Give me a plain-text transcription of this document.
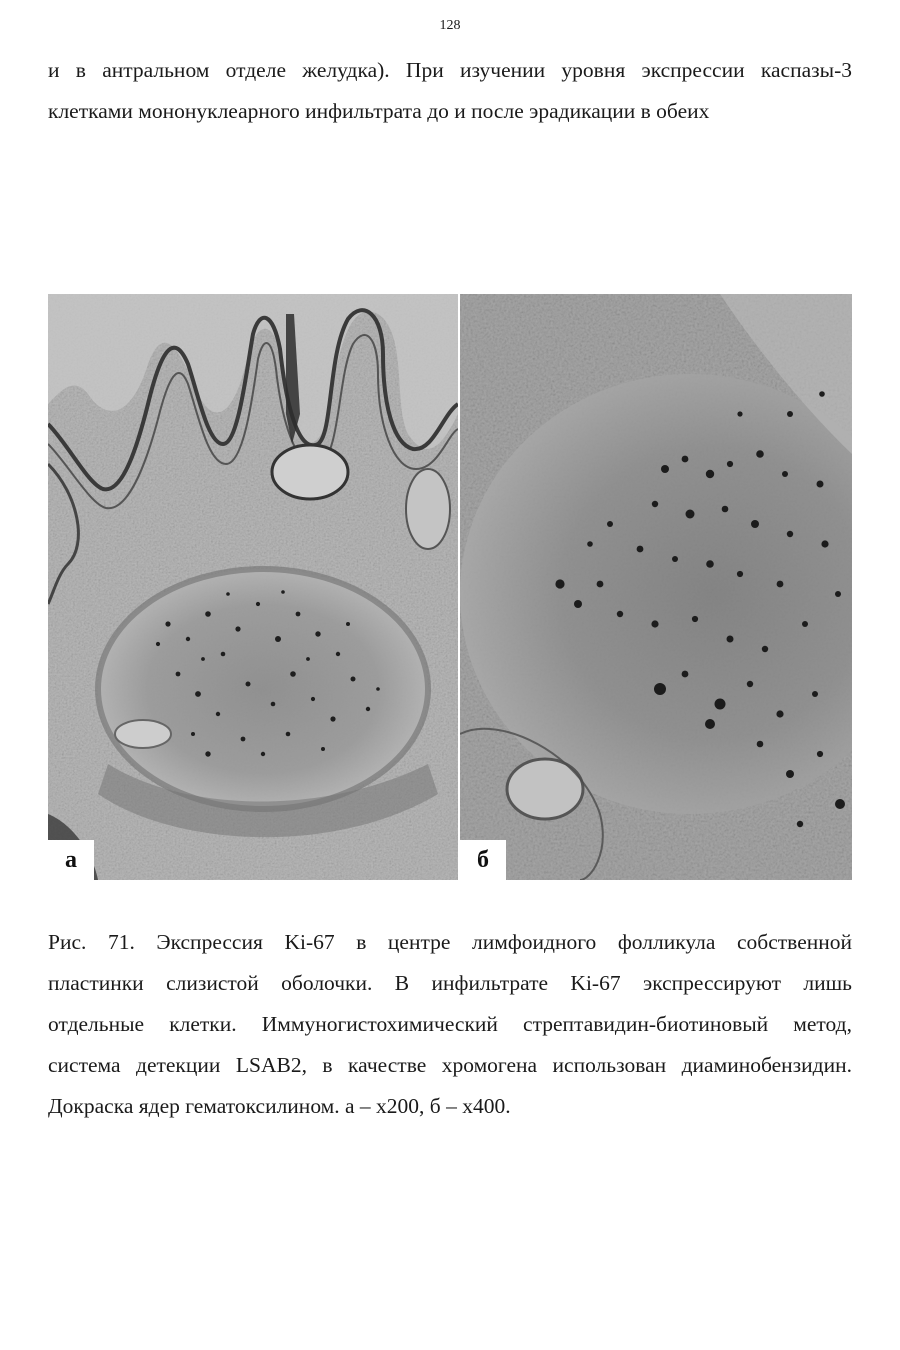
128

и в антральном отделе желудка). При изучении уровня экспрессии каспазы-3
клетками мононуклеарного инфильтрата до и после эрадикации в обеих

а	б

Рис. 71. Экспрессия Ki-67 в центре лимфоидного фолликула собственной
пластинки слизистой оболочки. В инфильтрате Ki-67 экспрессируют лишь
отдельные клетки. Иммуногистохимический стрептавидин-биотиновый метод,
система детекции LSAB2, в качестве хромогена использован диаминобензидин.
Докраска ядер гематоксилином. а – х200, б – х400.
